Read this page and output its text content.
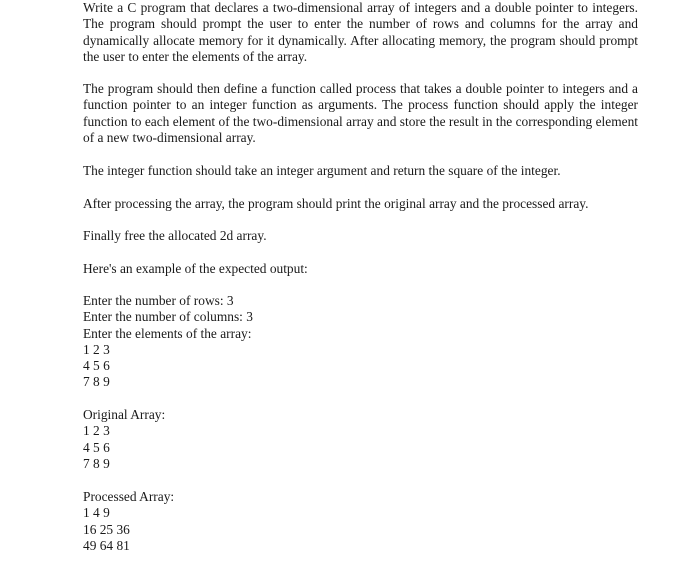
Write a C program that declares a two-dimensional array of integers and a double pointer to integers. The program should prompt the user to enter the number of rows and columns for the array and dynamically allocate memory for it dynamically. After allocating memory, the program should prompt the user to enter the elements of the array.

The program should then define a function called process that takes a double pointer to integers and a function pointer to an integer function as arguments. The process function should apply the integer function to each element of the two-dimensional array and store the result in the corresponding element of a new two-dimensional array.

The integer function should take an integer argument and return the square of the integer.

After processing the array, the program should print the original array and the processed array.

Finally free the allocated 2d array.

Here's an example of the expected output:

Enter the number of rows: 3
Enter the number of columns: 3
Enter the elements of the array:
1 2 3
4 5 6
7 8 9
Original Array:
1 2 3
4 5 6
7 8 9
Processed Array:
1 4 9
16 25 36
49 64 81
